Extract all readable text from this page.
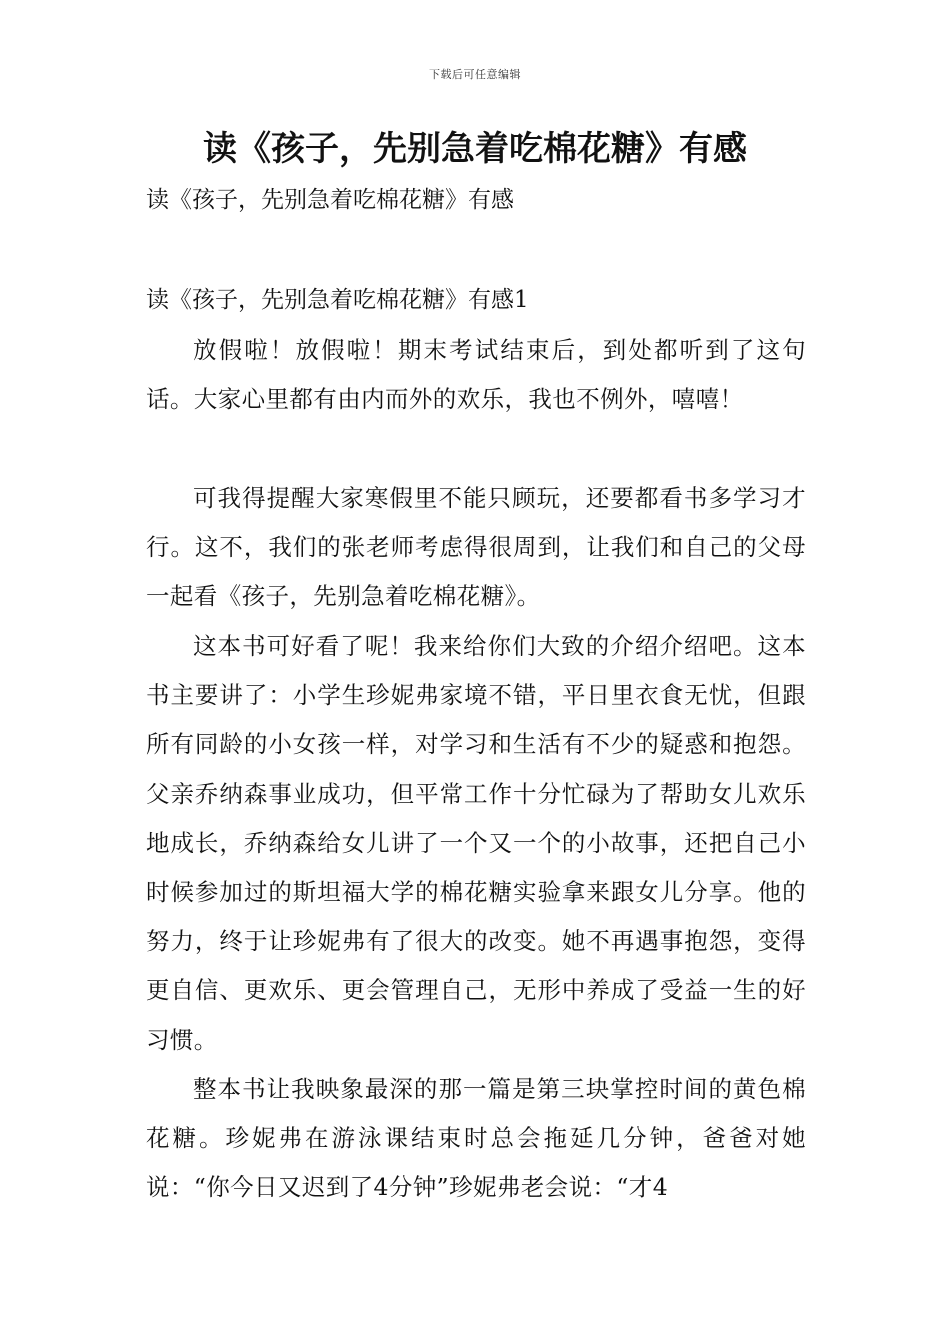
下载后可任意编辑
读《孩子，先别急着吃棉花糖》有感

读《孩子，先别急着吃棉花糖》有感

读《孩子，先别急着吃棉花糖》有感1

放假啦！放假啦！期末考试结束后，到处都听到了这句话。大家心里都有由内而外的欢乐，我也不例外，嘻嘻！

可我得提醒大家寒假里不能只顾玩，还要都看书多学习才行。这不，我们的张老师考虑得很周到，让我们和自己的父母一起看《孩子，先别急着吃棉花糖》。

这本书可好看了呢！我来给你们大致的介绍介绍吧。这本书主要讲了：小学生珍妮弗家境不错，平日里衣食无忧，但跟所有同龄的小女孩一样，对学习和生活有不少的疑惑和抱怨。父亲乔纳森事业成功，但平常工作十分忙碌为了帮助女儿欢乐地成长，乔纳森给女儿讲了一个又一个的小故事，还把自己小时候参加过的斯坦福大学的棉花糖实验拿来跟女儿分享。他的努力，终于让珍妮弗有了很大的改变。她不再遇事抱怨，变得更自信、更欢乐、更会管理自己，无形中养成了受益一生的好习惯。

整本书让我映象最深的那一篇是第三块掌控时间的黄色棉花糖。珍妮弗在游泳课结束时总会拖延几分钟，爸爸对她说：“你今日又迟到了4分钟”珍妮弗老会说：“才4
